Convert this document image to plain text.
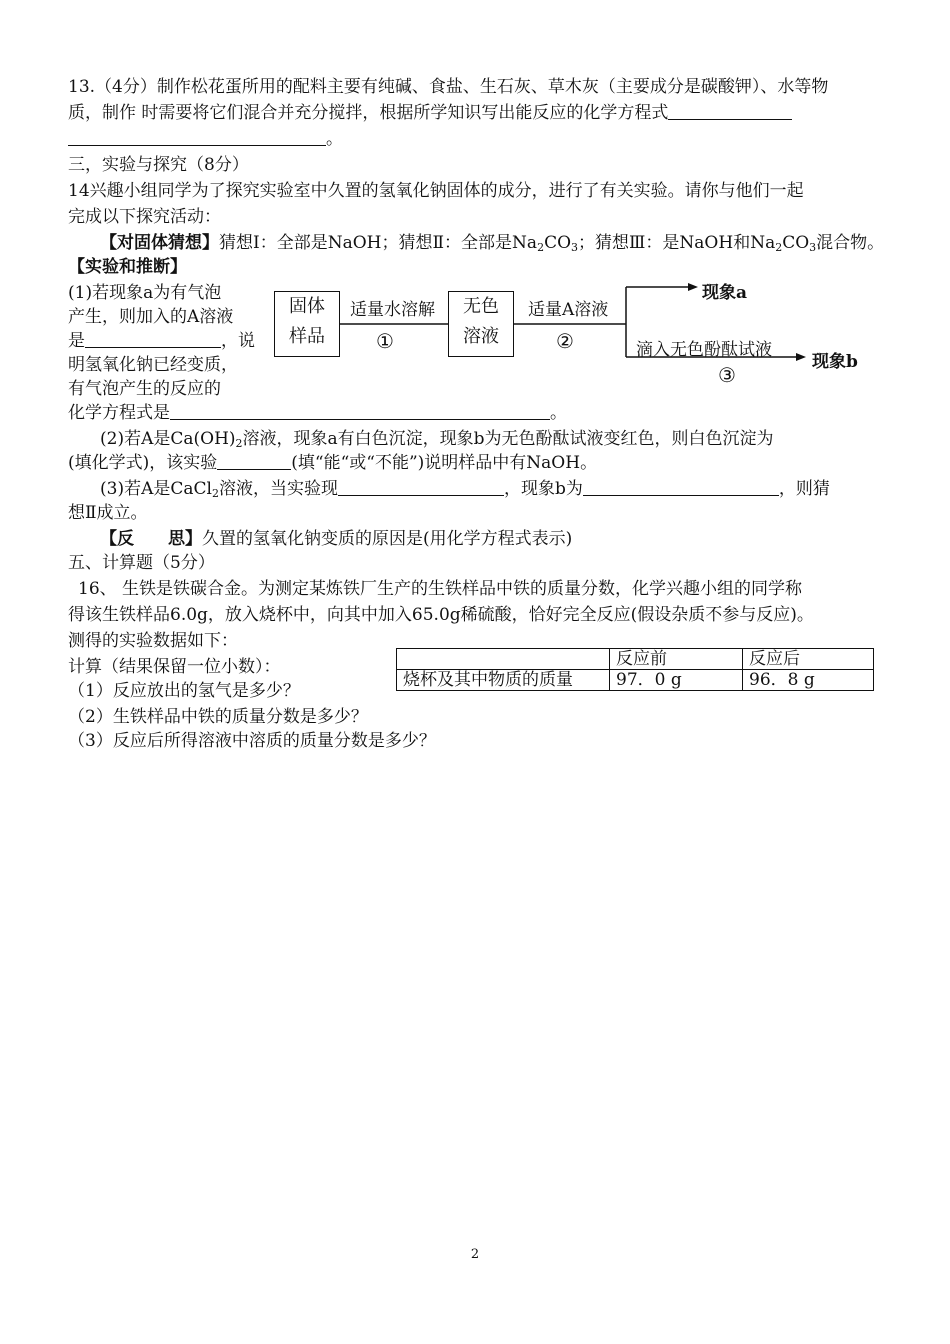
13.（4分）制作松花蛋所用的配料主要有纯碱、食盐、生石灰、草木灰（主要成分是碳酸钾）、水等物
质，制作 时需要将它们混合并充分搅拌，根据所学知识写出能反应的化学方程式
。
三，实验与探究（8分）
14兴趣小组同学为了探究实验室中久置的氢氧化钠固体的成分，进行了有关实验。请你与他们一起
完成以下探究活动：
【对固体猜想】猜想Ⅰ：全部是NaOH；猜想Ⅱ：全部是$Na_2CO_3$；猜想Ⅲ：是NaOH和$Na_2CO_3$混合物。
【实验和推断】
(1)若现象a为有气泡
产生，则加入的A溶液
是	，说
明氢氧化钠已经变质，
有气泡产生的反应的
化学方程式是	。
固体
样品
适量水溶解
①
无色
溶液
适量A溶液
②
现象a
滴入无色酚酞试液
③
现象b
(2)若A是$Ca(OH)_2$溶液，现象a有白色沉淀，现象b为无色酚酞试液变红色，则白色沉淀为
(填化学式)，该实验	(填“能“或“不能”)说明样品中有NaOH。
(3)若A是CaCl$_2$溶液，当实验现	，现象b为	，则猜
想Ⅱ成立。
【反　　思】久置的氢氧化钠变质的原因是(用化学方程式表示)
五、计算题（5分）
16、 生铁是铁碳合金。为测定某炼铁厂生产的生铁样品中铁的质量分数，化学兴趣小组的同学称
得该生铁样品6.0g，放入烧杯中，向其中加入65.0g稀硫酸，恰好完全反应(假设杂质不参与反应)。
测得的实验数据如下：
计算（结果保留一位小数）：
（1）反应放出的氢气是多少？
（2）生铁样品中铁的质量分数是多少？
（3）反应后所得溶液中溶质的质量分数是多少？
	反应前	反应后
烧杯及其中物质的质量	97．0 g	96．8 g
2
